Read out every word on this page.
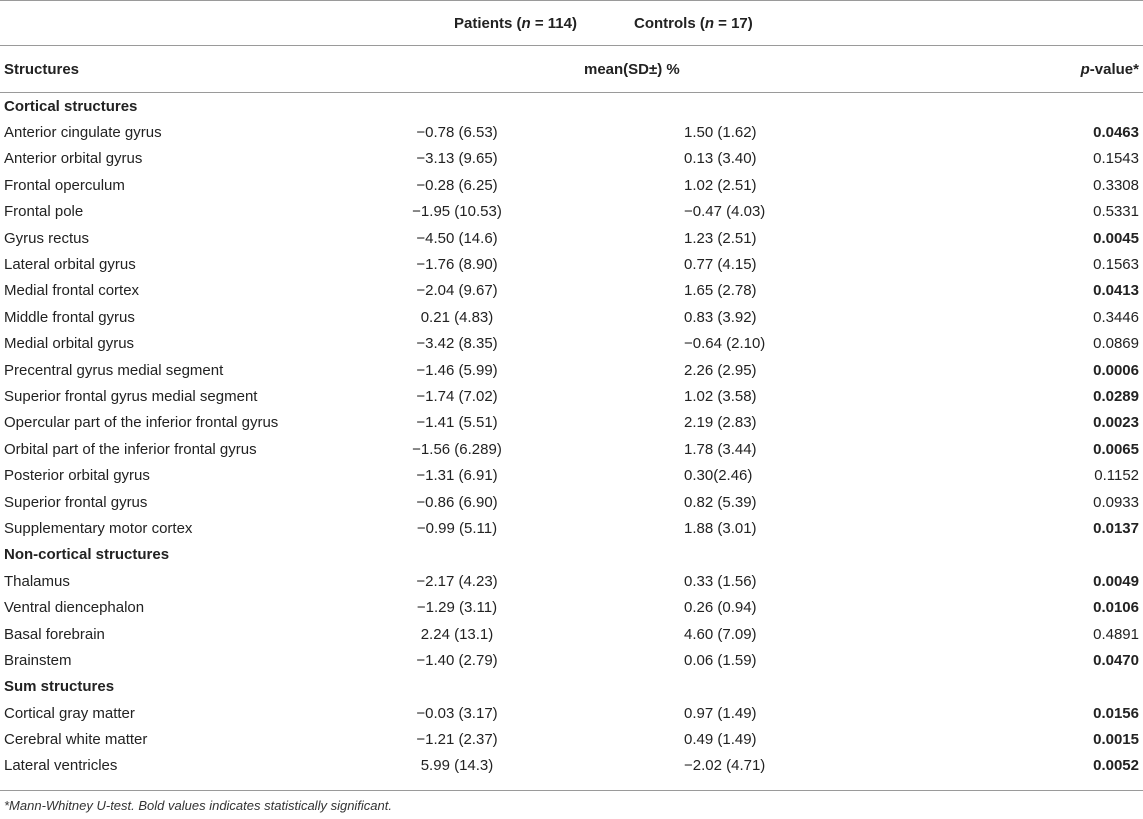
	Patients (n = 114)	Controls (n = 17)	
Structures		mean(SD±) %	p-value*
Cortical structures			
Anterior cingulate gyrus	−0.78 (6.53)	1.50 (1.62)	0.0463
Anterior orbital gyrus	−3.13 (9.65)	0.13 (3.40)	0.1543
Frontal operculum	−0.28 (6.25)	1.02 (2.51)	0.3308
Frontal pole	−1.95 (10.53)	−0.47 (4.03)	0.5331
Gyrus rectus	−4.50 (14.6)	1.23 (2.51)	0.0045
Lateral orbital gyrus	−1.76 (8.90)	0.77 (4.15)	0.1563
Medial frontal cortex	−2.04 (9.67)	1.65 (2.78)	0.0413
Middle frontal gyrus	0.21 (4.83)	0.83 (3.92)	0.3446
Medial orbital gyrus	−3.42 (8.35)	−0.64 (2.10)	0.0869
Precentral gyrus medial segment	−1.46 (5.99)	2.26 (2.95)	0.0006
Superior frontal gyrus medial segment	−1.74 (7.02)	1.02 (3.58)	0.0289
Opercular part of the inferior frontal gyrus	−1.41 (5.51)	2.19 (2.83)	0.0023
Orbital part of the inferior frontal gyrus	−1.56 (6.289)	1.78 (3.44)	0.0065
Posterior orbital gyrus	−1.31 (6.91)	0.30(2.46)	0.1152
Superior frontal gyrus	−0.86 (6.90)	0.82 (5.39)	0.0933
Supplementary motor cortex	−0.99 (5.11)	1.88 (3.01)	0.0137
Non-cortical structures			
Thalamus	−2.17 (4.23)	0.33 (1.56)	0.0049
Ventral diencephalon	−1.29 (3.11)	0.26 (0.94)	0.0106
Basal forebrain	2.24 (13.1)	4.60 (7.09)	0.4891
Brainstem	−1.40 (2.79)	0.06 (1.59)	0.0470
Sum structures			
Cortical gray matter	−0.03 (3.17)	0.97 (1.49)	0.0156
Cerebral white matter	−1.21 (2.37)	0.49 (1.49)	0.0015
Lateral ventricles	5.99 (14.3)	−2.02 (4.71)	0.0052
*Mann-Whitney U-test. Bold values indicates statistically significant.
